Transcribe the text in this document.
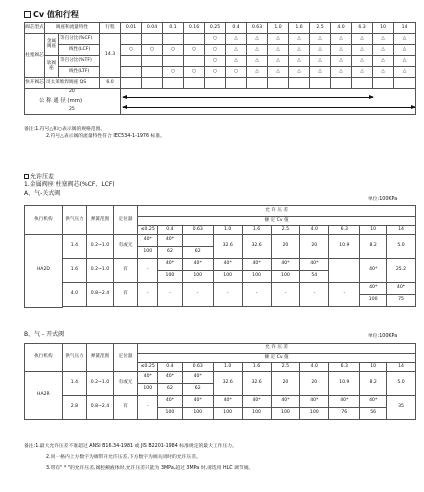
Cv 值和行程
阀芯型式	阀座和流量特性		行程	0.01	0.04	0.1	0.16	0.25	0.4	0.63	1.0	1.6	2.5	4.0	6.3	10	14
柱塞阀芯	金属阀座	等百分比(%CF)	14.3					○	△	△	△	△	△	△	△	△	△
		线性(LCF)		○	○	○	○	○	△	△	△	△	△	△	△	△	△
	软阀座	等百分比(%TF)						○	△	△	△	△	△	△	△	△	△
		线性(LTF)				○	○	○	○	△	△	△	△	△	△	△	△
快开阀芯	司太莱堆焊阀座 QS		6.0														

20
公 称 通 径 (mm)
25																	

备注:1.符号△和○表示阀的规格范围。
2.符号△表示阀的流量特性符合 IEC534-1-1976 标准。
允许压差
1.金属阀座 柱塞阀芯(%CF、LCF)
A、气-关式阀
单位:100KPa
执行机构	供气压力	弹簧范围	定位器	允 许 压 差									
				额 定 Cv 值									
				≤0.25	0.4	0.63	1.0	1.6	2.5	4.0	6.3	10	14
HA2D	1.4	0.2~1.0	有或无	40*	40*		32.6	32.6	20	20	10.9	8.2	5.0
				100	62	62							
	1.6	0.2~1.0	有	-	40*	40*	40*	40*	40*	40*		40*	25.2
					100	100	100	100	100	54			
	4.0	0.8~2.4	有	-	-	-	-	-	-	-	-	40*	40*
												100	75

B、气 - 开式阀	单位:100KPa
执行机构	供气压力	弹簧范围	定位器	允 许 压 差									
				额 定 Cv 值									
				≤0.25	0.4	0.63	1.0	1.6	2.5	4.0	6.3	10	14
HA2R	1.4	0.2~1.0	有或无	40*	40*	40*	32.6	32.6	20	20	10.9	8.2	5.0
				100	62	62							
	2.8	0.8~2.4	有	-	40*	40*	40*	40*	40*	40*	40*	40*	35
					100	100	100	100	100	100	76	56	
备注:1.最大允许压差不准超过 ANSI B16.34-1981 或 JIS B2201-1984 标准规定的最大工作压力。
2.同一格内上方数字为阀带开允许压差,下方数字为阀关闭时的允许压差。
3.带有" * "的允许压差,阀腔额液体时,允许压差只能为 3MPa,超过 3MPa 时,请选用 HLC 调节阀。
